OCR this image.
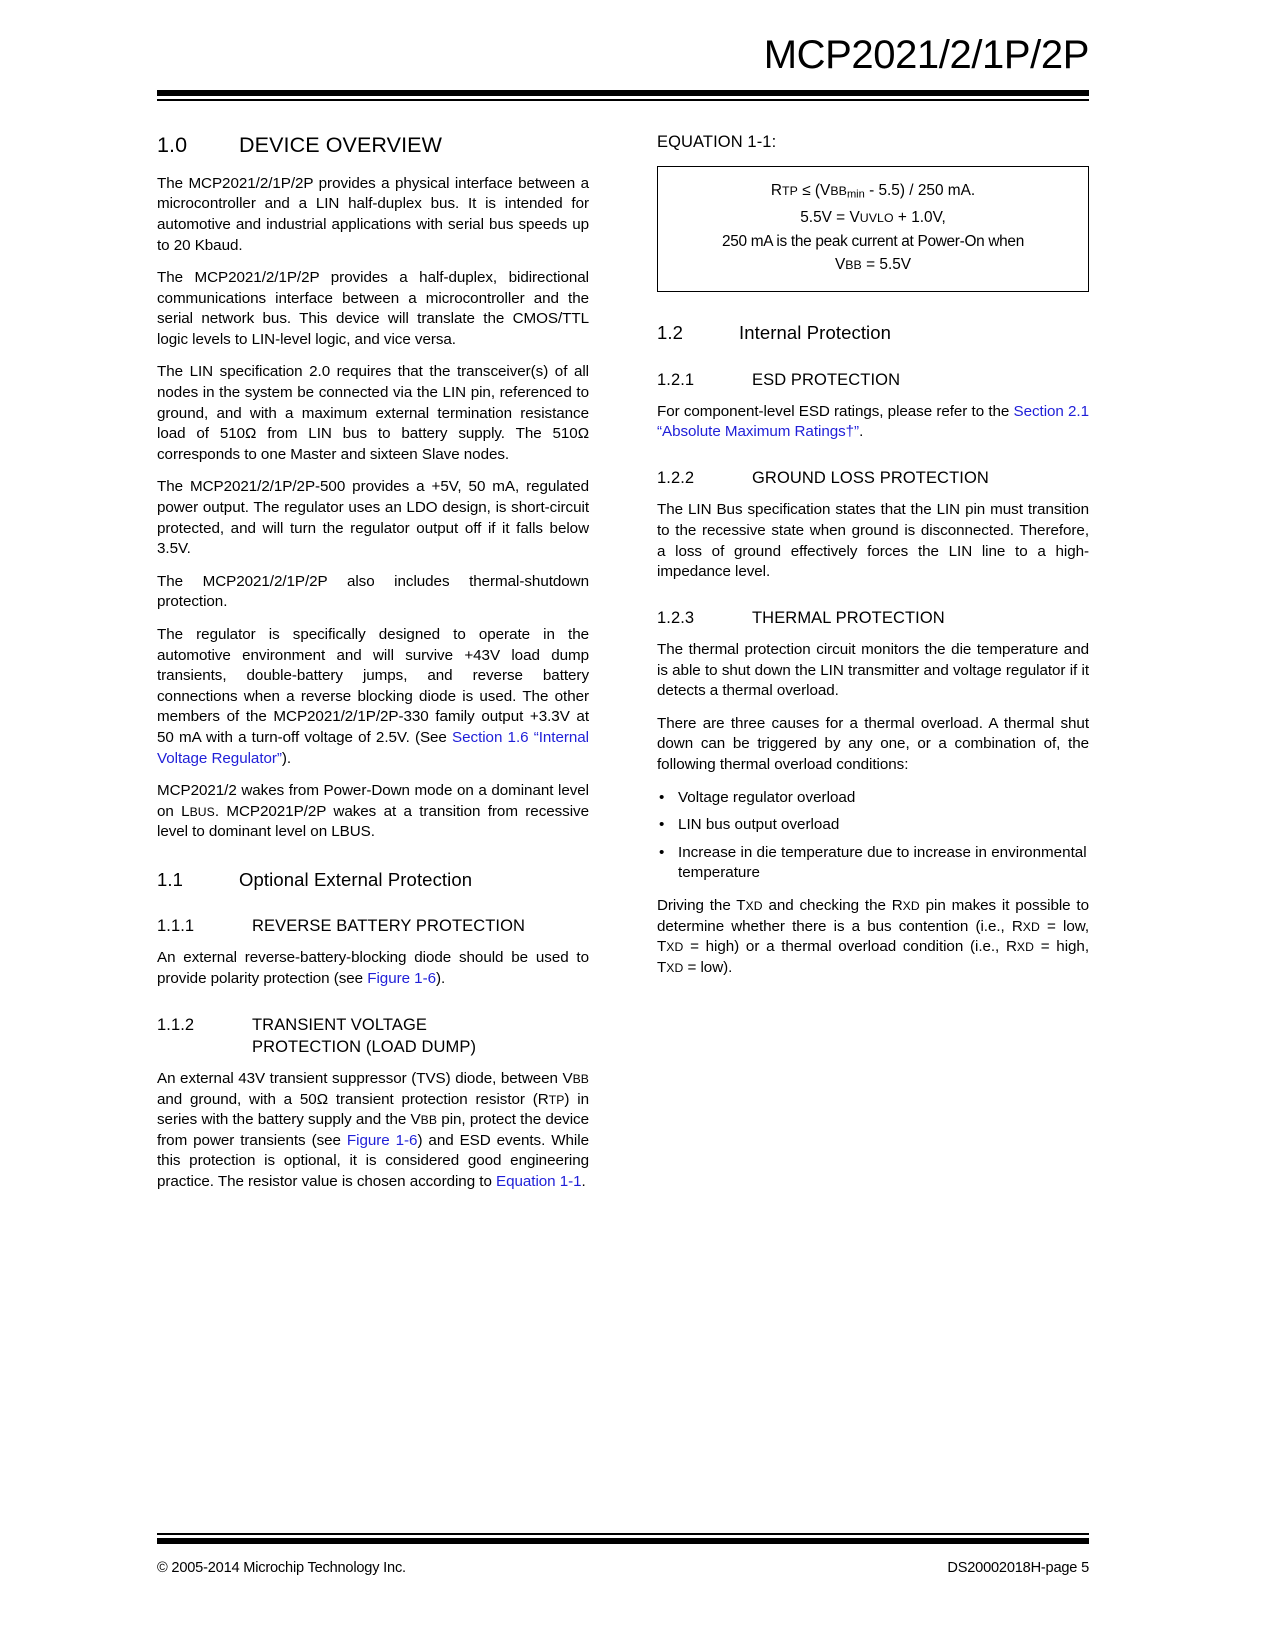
MCP2021/2/1P/2P
1.0 DEVICE OVERVIEW

The MCP2021/2/1P/2P provides a physical interface between a microcontroller and a LIN half-duplex bus. It is intended for automotive and industrial applications with serial bus speeds up to 20 Kbaud.

The MCP2021/2/1P/2P provides a half-duplex, bidirectional communications interface between a microcontroller and the serial network bus. This device will translate the CMOS/TTL logic levels to LIN-level logic, and vice versa.

The LIN specification 2.0 requires that the transceiver(s) of all nodes in the system be connected via the LIN pin, referenced to ground, and with a maximum external termination resistance load of 510Ω from LIN bus to battery supply. The 510Ω corresponds to one Master and sixteen Slave nodes.

The MCP2021/2/1P/2P-500 provides a +5V, 50 mA, regulated power output. The regulator uses an LDO design, is short-circuit protected, and will turn the regulator output off if it falls below 3.5V.

The MCP2021/2/1P/2P also includes thermal-shutdown protection.

The regulator is specifically designed to operate in the automotive environment and will survive +43V load dump transients, double-battery jumps, and reverse battery connections when a reverse blocking diode is used. The other members of the MCP2021/2/1P/2P-330 family output +3.3V at 50 mA with a turn-off voltage of 2.5V. (See Section 1.6 “Internal Voltage Regulator”).

MCP2021/2 wakes from Power-Down mode on a dominant level on LBUS. MCP2021P/2P wakes at a transition from recessive level to dominant level on LBUS.

1.1	Optional External Protection
1.1.1	REVERSE BATTERY PROTECTION

An external reverse-battery-blocking diode should be used to provide polarity protection (see Figure 1-6).

1.1.2	TRANSIENT VOLTAGE
PROTECTION (LOAD DUMP)

An external 43V transient suppressor (TVS) diode, between VBB and ground, with a 50Ω transient protection resistor (RTP) in series with the battery supply and the VBB pin, protect the device from power transients (see Figure 1-6) and ESD events. While this protection is optional, it is considered good engineering practice. The resistor value is chosen according to Equation 1-1.

EQUATION 1-1:
RTP ≤ $(VBB_{min} - 5.5) / 250$ mA.
5.5V = VUVLO + 1.0V,
250 mA is the peak current at Power-On when
VBB = 5.5V
1.2	Internal Protection
1.2.1	ESD PROTECTION

For component-level ESD ratings, please refer to the Section 2.1 “Absolute Maximum Ratings†”.

1.2.2	GROUND LOSS PROTECTION

The LIN Bus specification states that the LIN pin must transition to the recessive state when ground is disconnected. Therefore, a loss of ground effectively forces the LIN line to a high-impedance level.

1.2.3	THERMAL PROTECTION

The thermal protection circuit monitors the die temperature and is able to shut down the LIN transmitter and voltage regulator if it detects a thermal overload.

There are three causes for a thermal overload. A thermal shut down can be triggered by any one, or a combination of, the following thermal overload conditions:

• Voltage regulator overload
• LIN bus output overload
• Increase in die temperature due to increase in environmental temperature

Driving the TXD and checking the RXD pin makes it possible to determine whether there is a bus contention (i.e., RXD = low, TXD = high) or a thermal overload condition (i.e., RXD = high, TXD = low).

© 2005-2014 Microchip Technology Inc.	DS20002018H-page 5
